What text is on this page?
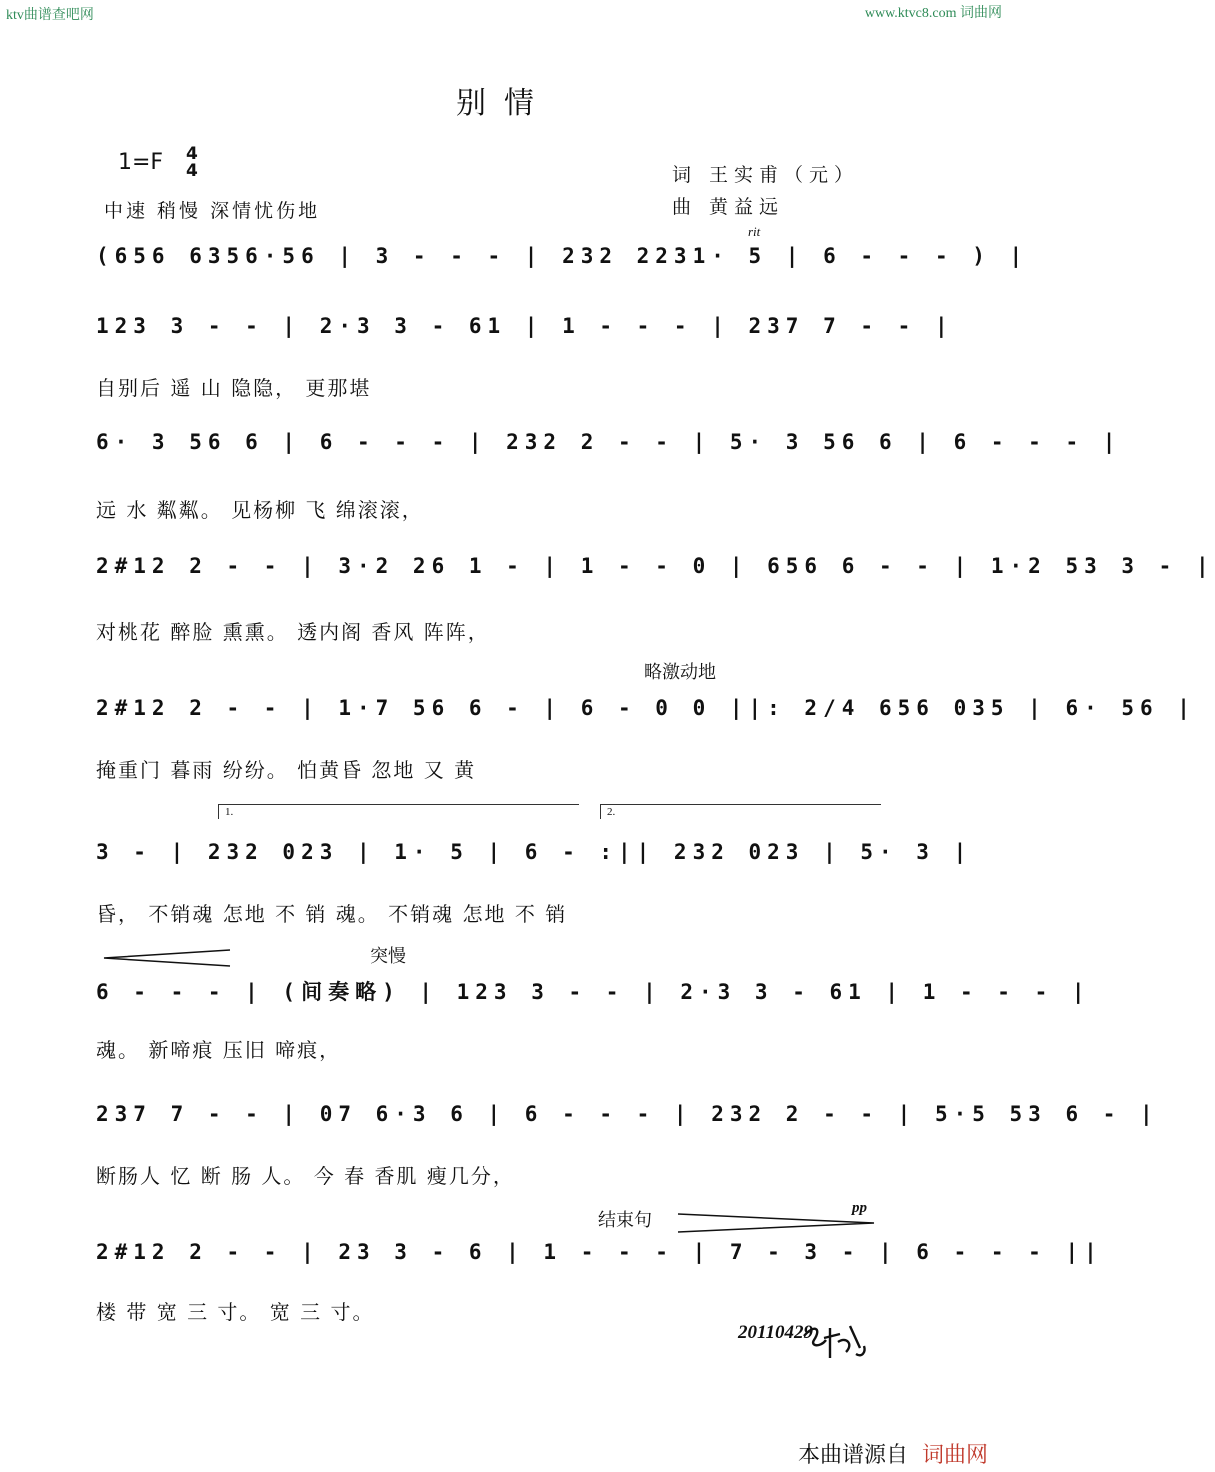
ktv曲谱查吧网	www.ktvc8.com 词曲网
别情
1=F 4
4
中速 稍慢 深情忧伤地
词 王实甫（元）
曲 黄益远
rit
(656 6356·56 | 3 - - - | 232 2231· 5 | 6 - - - ) |
123 3 - - | 2·3 3 - 61 | 1 - - - | 237 7 - - |
自别后 遥 山 隐隐， 更那堪
6· 3 56 6 | 6 - - - | 232 2 - - | 5· 3 56 6 | 6 - - - |
远 水 粼粼。 见杨柳 飞 绵滚滚，
2#12 2 - - | 3·2 26 1 - | 1 - - 0 | 656 6 - - | 1·2 53 3 - |
对桃花 醉脸 熏熏。 透内阁 香风 阵阵，
略激动地
2#12 2 - - | 1·7 56 6 - | 6 - 0 0 ||: 2/4 656 035 | 6· 56 |
掩重门 暮雨 纷纷。 怕黄昏 忽地 又 黄
1.	2.
3 - | 232 023 | 1· 5 | 6 - :|| 232 023 | 5· 3 |
昏， 不销魂 怎地 不 销 魂。 不销魂 怎地 不 销
突慢
6 - - - | (间奏略) | 123 3 - - | 2·3 3 - 61 | 1 - - - |
魂。 新啼痕 压旧 啼痕，
237 7 - - | 07 6·3 6 | 6 - - - | 232 2 - - | 5·5 53 6 - |
断肠人 忆 断 肠 人。 今 春 香肌 瘦几分，
结束句
pp
2#12 2 - - | 23 3 - 6 | 1 - - - | 7 - 3 - | 6 - - - ||
楼 带 宽 三 寸。 宽 三 寸。
20110429
本曲谱源自 词曲网
